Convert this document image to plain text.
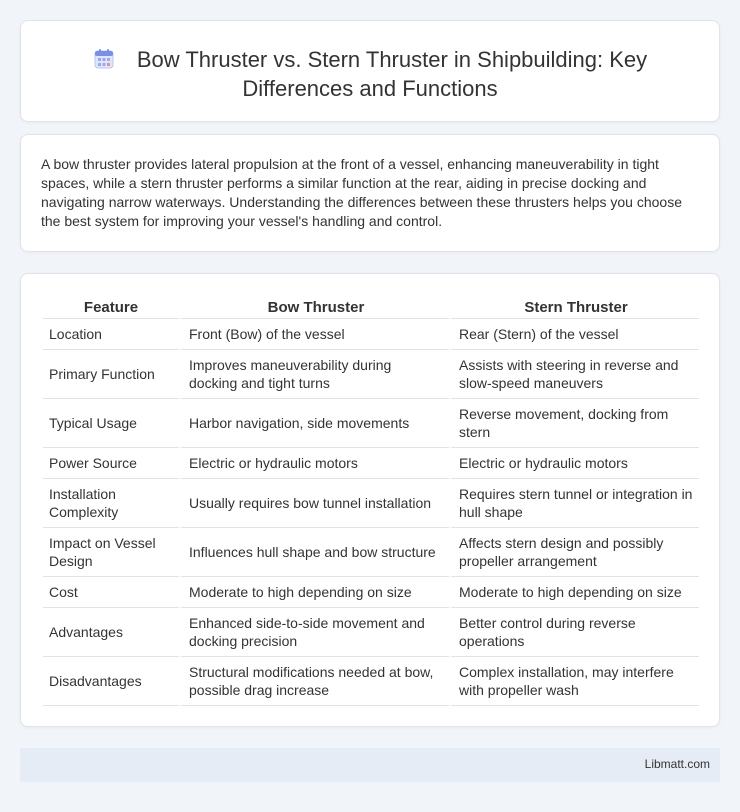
Bow Thruster vs. Stern Thruster in Shipbuilding: Key Differences and Functions

A bow thruster provides lateral propulsion at the front of a vessel, enhancing maneuverability in tight spaces, while a stern thruster performs a similar function at the rear, aiding in precise docking and navigating narrow waterways. Understanding the differences between these thrusters helps you choose the best system for improving your vessel's handling and control.

Feature	Bow Thruster	Stern Thruster
Location	Front (Bow) of the vessel	Rear (Stern) of the vessel
Primary Function	Improves maneuverability during docking and tight turns	Assists with steering in reverse and slow-speed maneuvers
Typical Usage	Harbor navigation, side movements	Reverse movement, docking from stern
Power Source	Electric or hydraulic motors	Electric or hydraulic motors
Installation Complexity	Usually requires bow tunnel installation	Requires stern tunnel or integration in hull shape
Impact on Vessel Design	Influences hull shape and bow structure	Affects stern design and possibly propeller arrangement
Cost	Moderate to high depending on size	Moderate to high depending on size
Advantages	Enhanced side-to-side movement and docking precision	Better control during reverse operations
Disadvantages	Structural modifications needed at bow, possible drag increase	Complex installation, may interfere with propeller wash
Libmatt.com
